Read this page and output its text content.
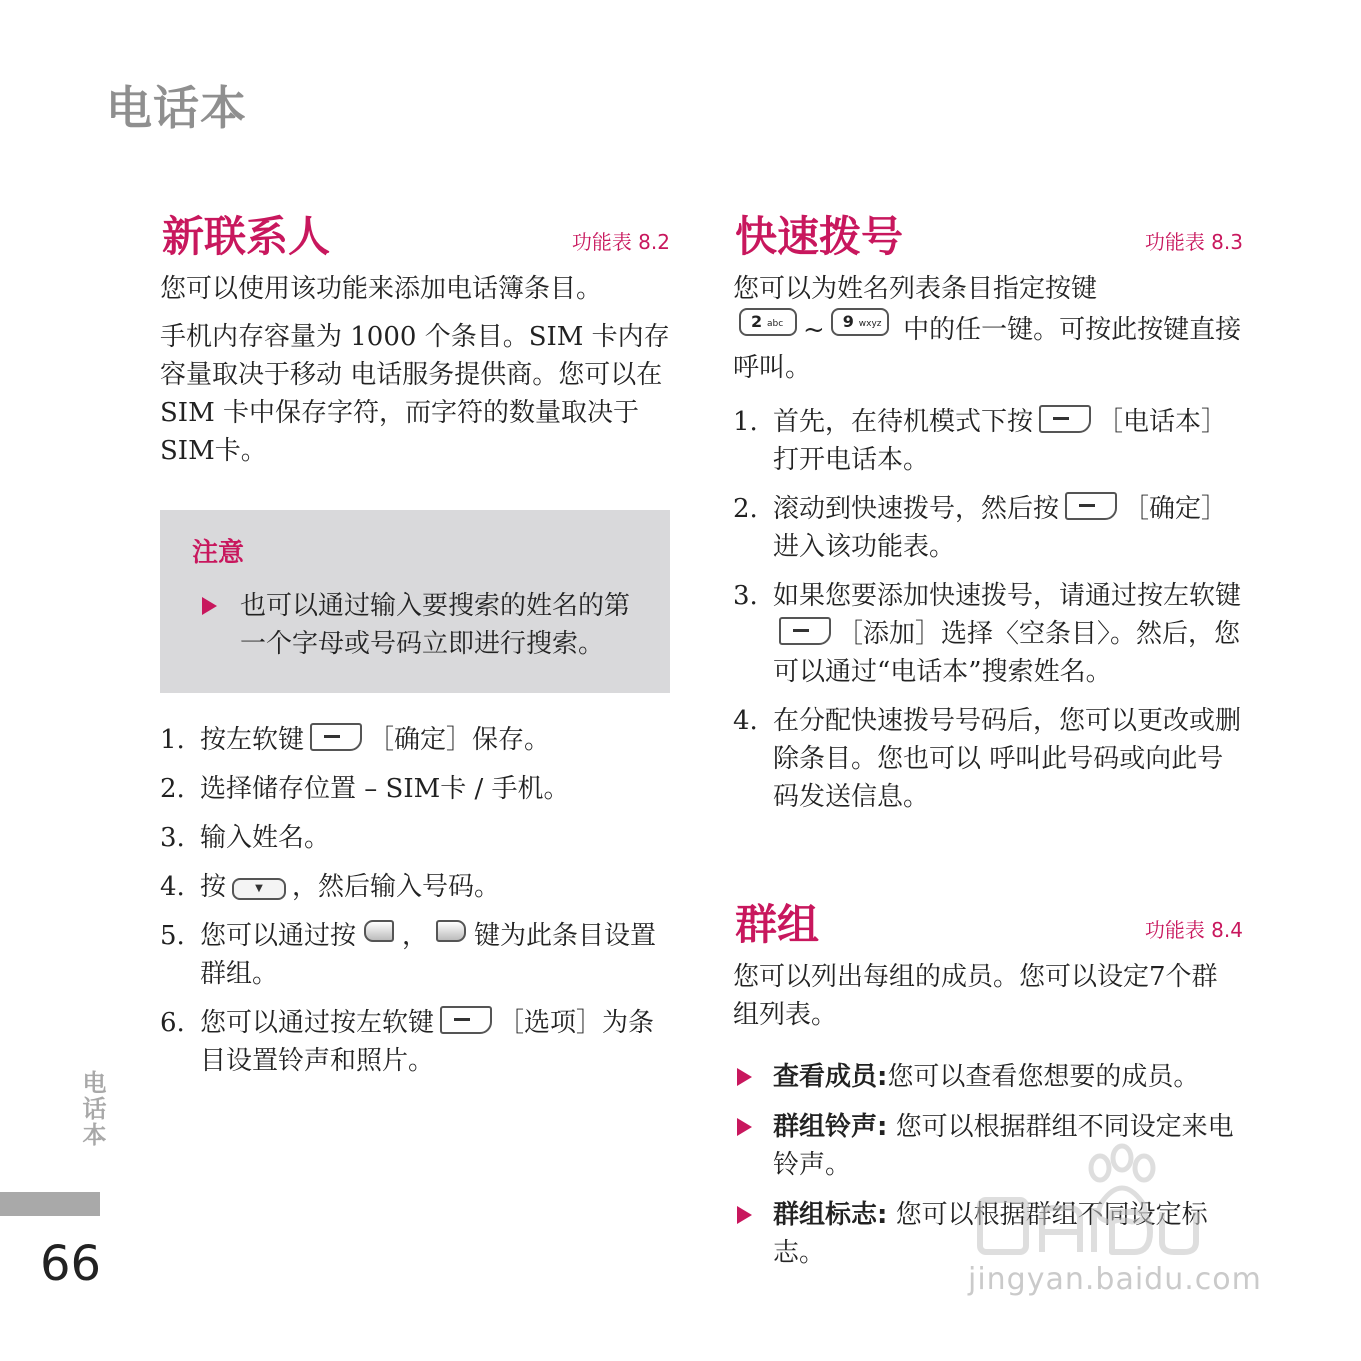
电话本
新联系人	功能表 8.2

您可以使用该功能来添加电话簿条目。

手机内存容量为 1000 个条目。SIM 卡内存容量取决于移动 电话服务提供商。您可以在SIM 卡中保存字符，而字符的数量取决于SIM卡。

注意
也可以通过输入要搜索的姓名的第一个字母或号码立即进行搜索。
1. 按左软键 ［确定］保存。
2. 选择储存位置 – SIM卡 / 手机。
3. 输入姓名。
4. 按	▼ ，然后输入号码。
5. 您可以通过按 ， 键为此条目设置群组。
6. 您可以通过按左软键 ［选项］为条目设置铃声和照片。
快速拨号	功能表 8.3

您可以为姓名列表条目指定按键

2 abc ~ 9 wxyz 中的任一键。可按此按键直接呼叫。

1. 首先，在待机模式下按 ［电话本］打开电话本。
2. 滚动到快速拨号，然后按 ［确定］进入该功能表。
3. 如果您要添加快速拨号，请通过按左软键［添加］选择〈空条目〉。然后，您可以通过“电话本”搜索姓名。
4. 在分配快速拨号号码后，您可以更改或删除条目。您也可以 呼叫此号码或向此号码发送信息。
群组	功能表 8.4

您可以列出每组的成员。您可以设定7个群组列表。

查看成员:您可以查看您想要的成员。
群组铃声: 您可以根据群组不同设定来电铃声。
群组标志: 您可以根据群组不同设定标志。
电话本
66	jingyan.baidu.com
